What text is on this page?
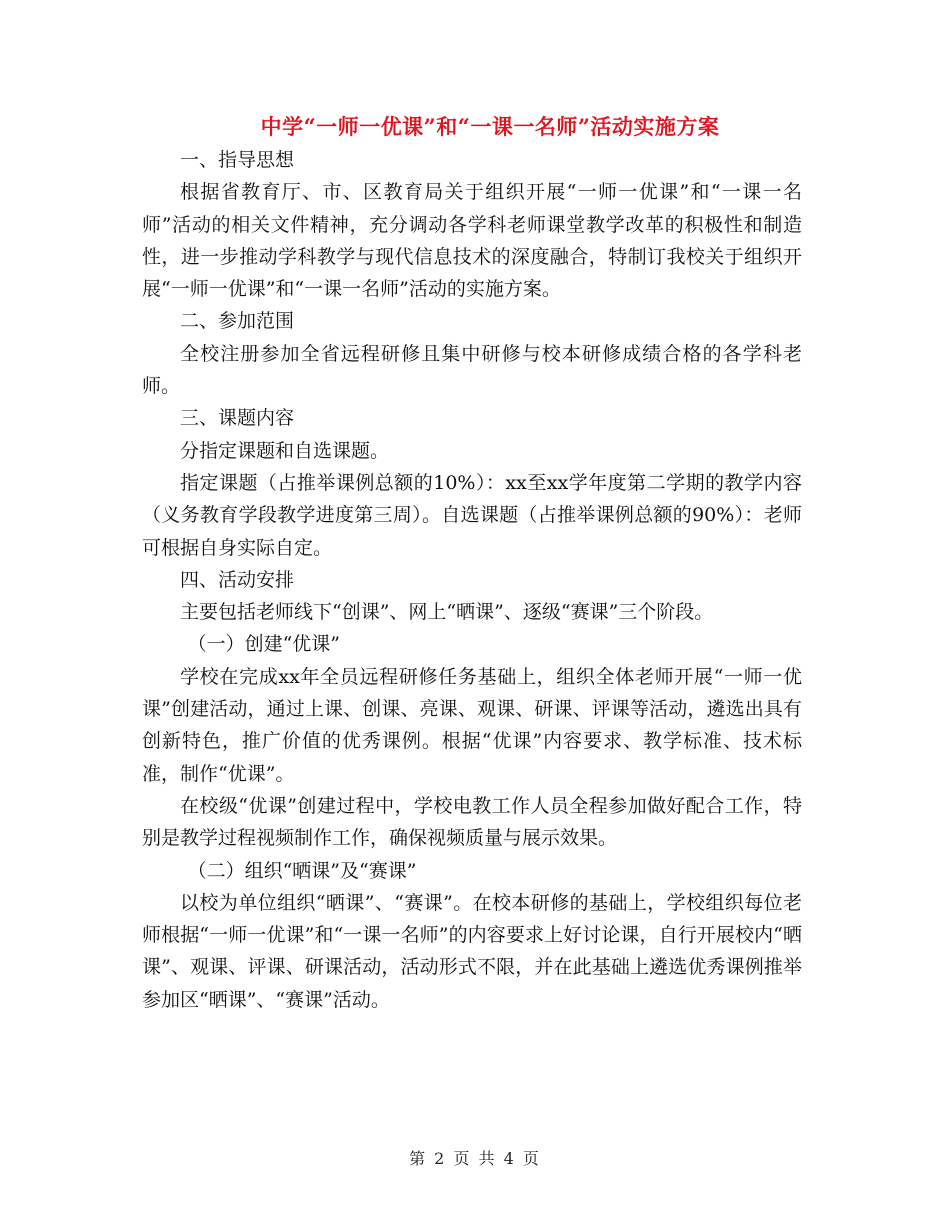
中学“一师一优课”和“一课一名师”活动实施方案

一、指导思想

根据省教育厅、市、区教育局关于组织开展“一师一优课”和“一课一名师”活动的相关文件精神，充分调动各学科老师课堂教学改革的积极性和制造性，进一步推动学科教学与现代信息技术的深度融合，特制订我校关于组织开展“一师一优课”和“一课一名师”活动的实施方案。

二、参加范围

全校注册参加全省远程研修且集中研修与校本研修成绩合格的各学科老师。

三、课题内容

分指定课题和自选课题。

指定课题（占推举课例总额的10%）：xx至xx学年度第二学期的教学内容（义务教育学段教学进度第三周）。自选课题（占推举课例总额的90%）：老师可根据自身实际自定。

四、活动安排

主要包括老师线下“创课”、网上“晒课”、逐级“赛课”三个阶段。

（一）创建“优课”

学校在完成xx年全员远程研修任务基础上，组织全体老师开展“一师一优课”创建活动，通过上课、创课、亮课、观课、研课、评课等活动，遴选出具有创新特色，推广价值的优秀课例。根据“优课”内容要求、教学标准、技术标准，制作“优课”。

在校级“优课”创建过程中，学校电教工作人员全程参加做好配合工作，特别是教学过程视频制作工作，确保视频质量与展示效果。

（二）组织“晒课”及“赛课”

以校为单位组织“晒课”、“赛课”。在校本研修的基础上，学校组织每位老师根据“一师一优课”和“一课一名师”的内容要求上好讨论课，自行开展校内“晒课”、观课、评课、研课活动，活动形式不限，并在此基础上遴选优秀课例推举参加区“晒课”、“赛课”活动。

第 2 页 共 4 页
